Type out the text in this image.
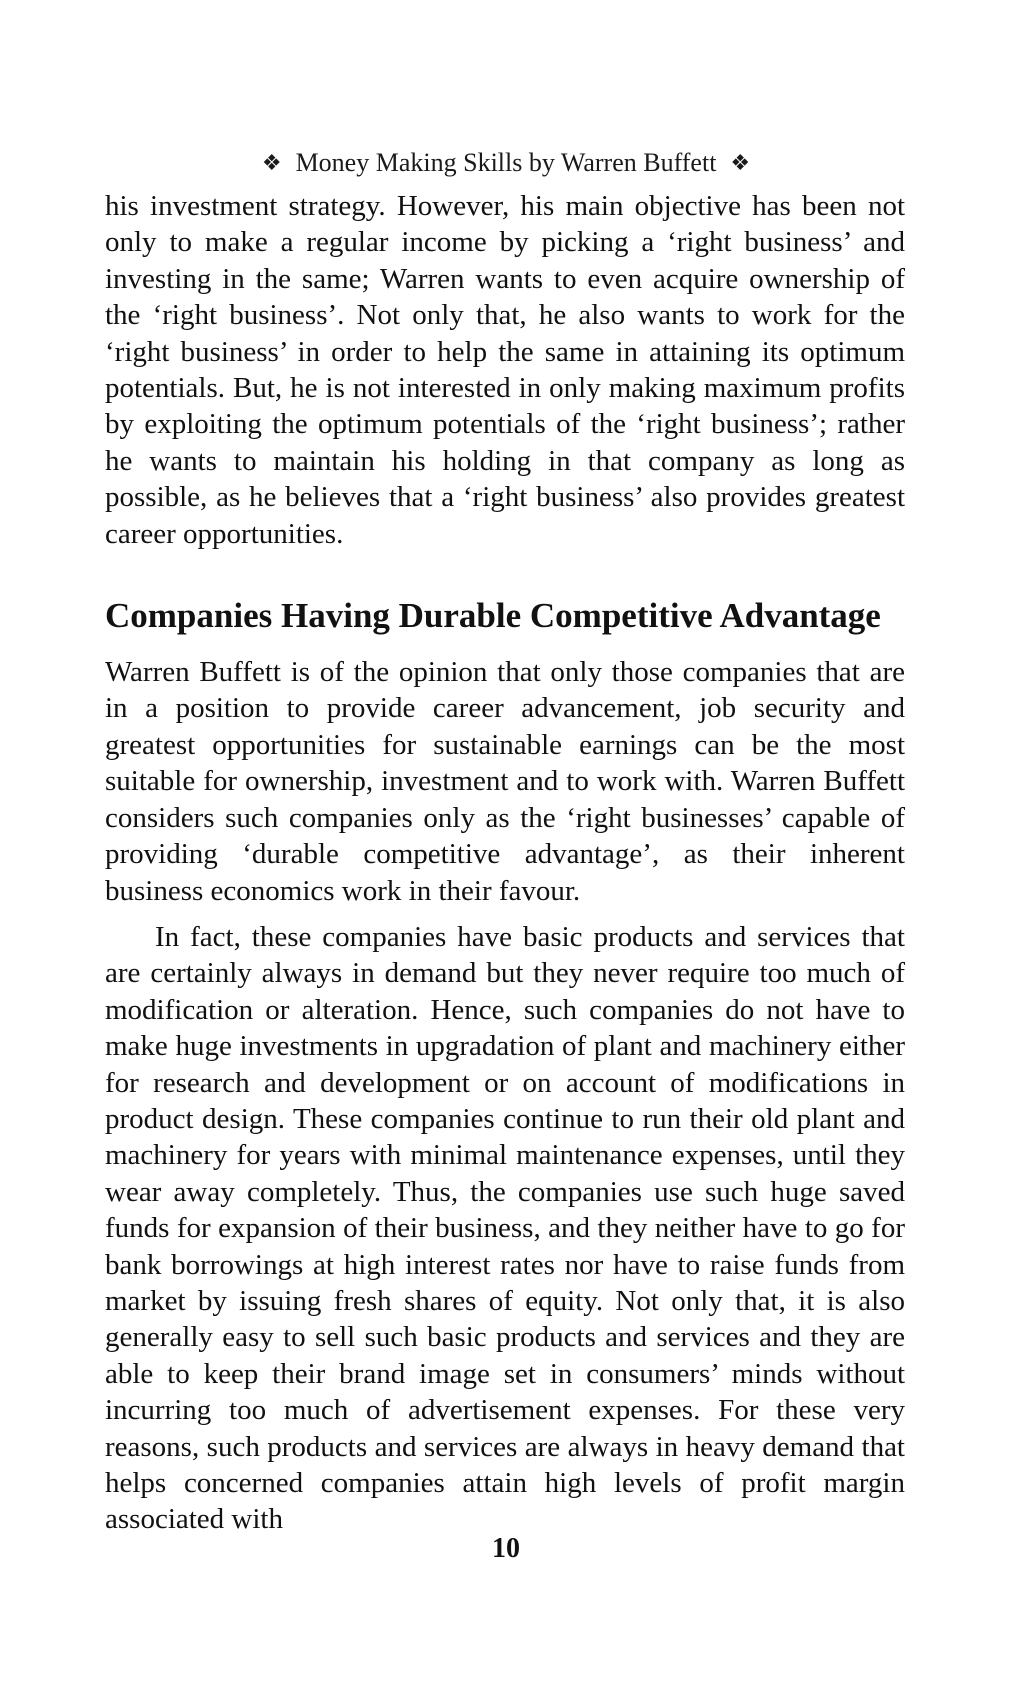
❖ Money Making Skills by Warren Buffett ❖

his investment strategy. However, his main objective has been not only to make a regular income by picking a ‘right business’ and investing in the same; Warren wants to even acquire ownership of the ‘right business’. Not only that, he also wants to work for the ‘right business’ in order to help the same in attaining its optimum potentials. But, he is not interested in only making maximum profits by exploiting the optimum potentials of the ‘right business’; rather he wants to maintain his holding in that company as long as possible, as he believes that a ‘right business’ also provides greatest career opportunities.

Companies Having Durable Competitive Advantage

Warren Buffett is of the opinion that only those companies that are in a position to provide career advancement, job security and greatest opportunities for sustainable earnings can be the most suitable for ownership, investment and to work with. Warren Buffett considers such companies only as the ‘right businesses’ capable of providing ‘durable competitive advantage’, as their inherent business economics work in their favour.

In fact, these companies have basic products and services that are certainly always in demand but they never require too much of modification or alteration. Hence, such companies do not have to make huge investments in upgradation of plant and machinery either for research and development or on account of modifications in product design. These companies continue to run their old plant and machinery for years with minimal maintenance expenses, until they wear away completely. Thus, the companies use such huge saved funds for expansion of their business, and they neither have to go for bank borrowings at high interest rates nor have to raise funds from market by issuing fresh shares of equity. Not only that, it is also generally easy to sell such basic products and services and they are able to keep their brand image set in consumers’ minds without incurring too much of advertisement expenses. For these very reasons, such products and services are always in heavy demand that helps concerned companies attain high levels of profit margin associated with

10
